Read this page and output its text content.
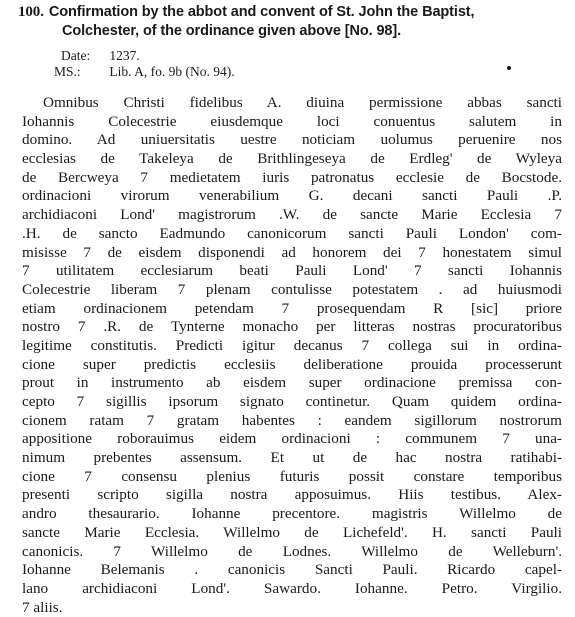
100. Confirmation by the abbot and convent of St. John the Baptist,
Colchester, of the ordinance given above [No. 98].
Date: 1237.
MS.: Lib. A, fo. 9b (No. 94).
Omnibus Christi fidelibus A. diuina permissione abbas sancti
Iohannis Colecestrie eiusdemque loci conuentus salutem in
domino. Ad uniuersitatis uestre noticiam uolumus peruenire nos
ecclesias de Takeleya de Brithlingeseya de Erdleg' de Wyleya
de Bercweya 7 medietatem iuris patronatus ecclesie de Bocstode.
ordinacioni virorum venerabilium G. decani sancti Pauli .P.
archidiaconi Lond' magistrorum .W. de sancte Marie Ecclesia 7
.H. de sancto Eadmundo canonicorum sancti Pauli London' com-
misisse 7 de eisdem disponendi ad honorem dei 7 honestatem simul
7 utilitatem ecclesiarum beati Pauli Lond' 7 sancti Iohannis
Colecestrie liberam 7 plenam contulisse potestatem . ad huiusmodi
etiam ordinacionem petendam 7 prosequendam R [sic] priore
nostro 7 .R. de Tynterne monacho per litteras nostras procuratoribus
legitime constitutis. Predicti igitur decanus 7 collega sui in ordina-
cione super predictis ecclesiis deliberatione prouida processerunt
prout in instrumento ab eisdem super ordinacione premissa con-
cepto 7 sigillis ipsorum signato continetur. Quam quidem ordina-
cionem ratam 7 gratam habentes : eandem sigillorum nostrorum
appositione roborauimus eidem ordinacioni : communem 7 una-
nimum prebentes assensum. Et ut de hac nostra ratihabi-
cione 7 consensu plenius futuris possit constare temporibus
presenti scripto sigilla nostra apposuimus. Hiis testibus. Alex-
andro thesaurario. Iohanne precentore. magistris Willelmo de
sancte Marie Ecclesia. Willelmo de Lichefeld'. H. sancti Pauli
canonicis. 7 Willelmo de Lodnes. Willelmo de Welleburn'.
Iohanne Belemanis . canonicis Sancti Pauli. Ricardo capel-
lano archidiaconi Lond'. Sawardo. Iohanne. Petro. Virgilio.
7 aliis.
